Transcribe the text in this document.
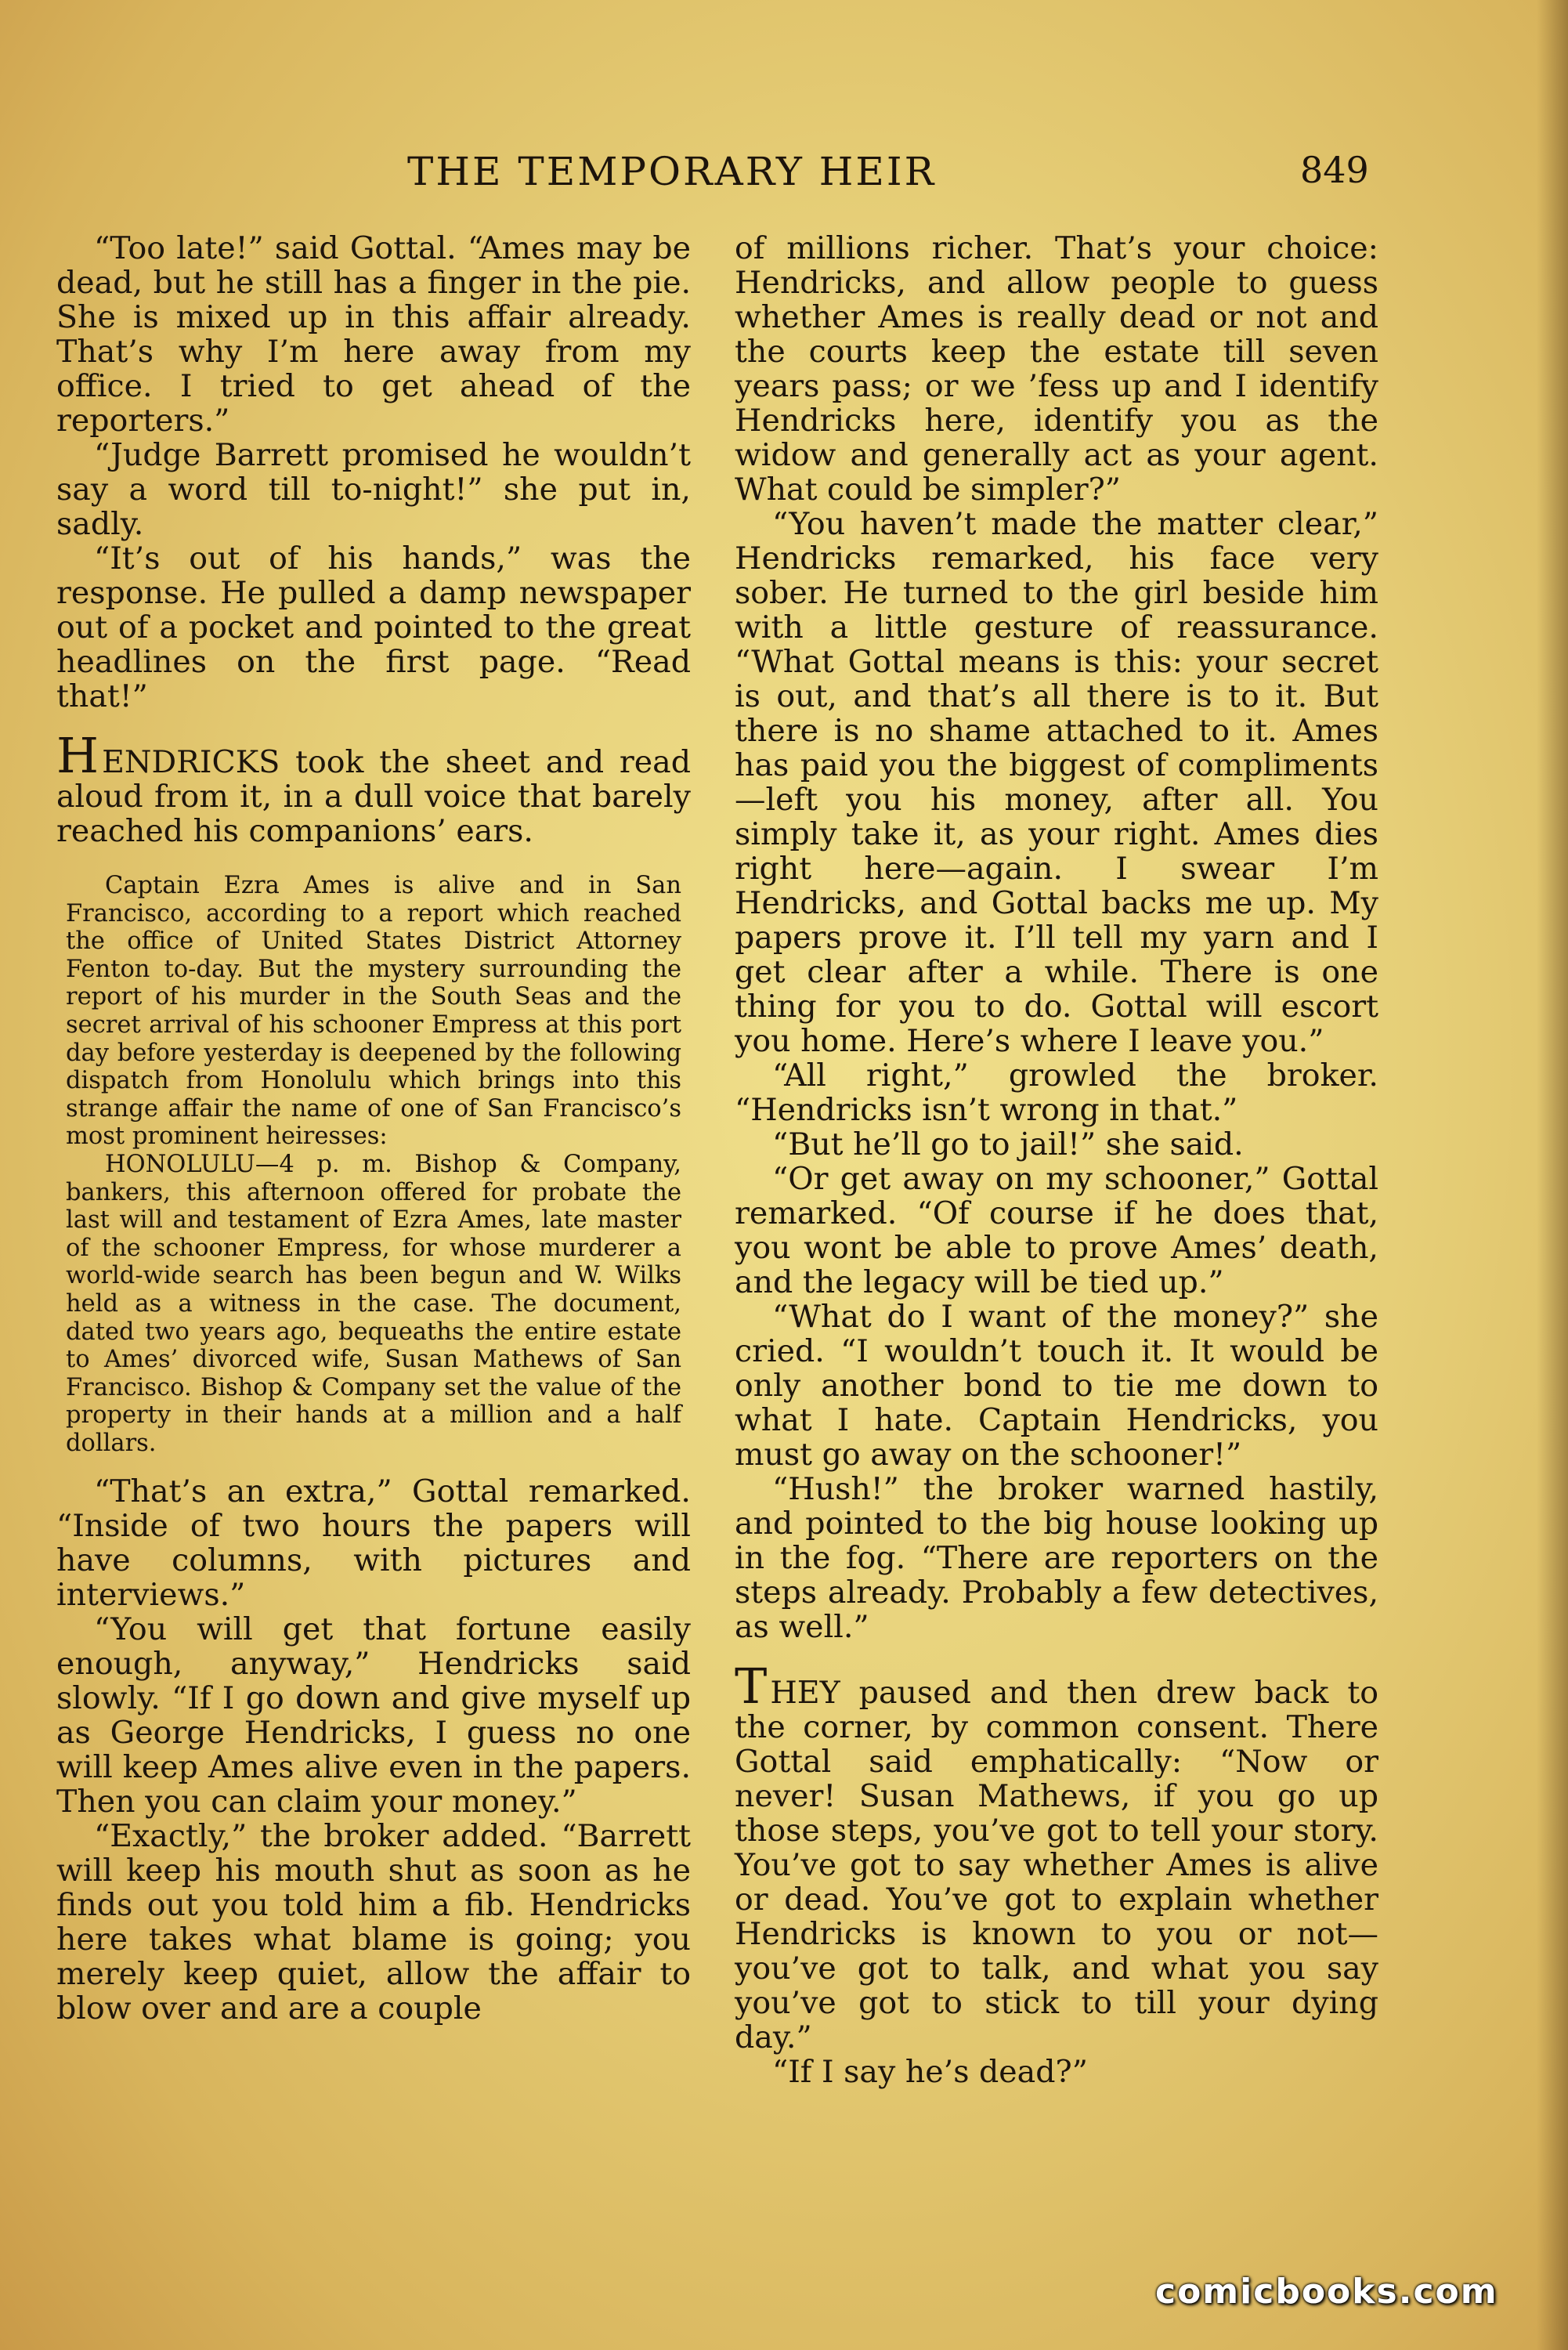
THE TEMPORARY HEIR	849

“Too late!” said Gottal. “Ames may be dead, but he still has a finger in the pie. She is mixed up in this affair already. That’s why I’m here away from my office. I tried to get ahead of the reporters.”

“Judge Barrett promised he wouldn’t say a word till to-night!” she put in, sadly.

“It’s out of his hands,” was the response. He pulled a damp newspaper out of a pocket and pointed to the great headlines on the first page. “Read that!”

HENDRICKS took the sheet and read aloud from it, in a dull voice that barely reached his companions’ ears.

Captain Ezra Ames is alive and in San Francisco, according to a report which reached the office of United States District Attorney Fenton to-day. But the mystery surrounding the report of his murder in the South Seas and the secret arrival of his schooner Empress at this port day before yesterday is deepened by the following dispatch from Honolulu which brings into this strange affair the name of one of San Francisco’s most prominent heiresses:

HONOLULU—4 p. m. Bishop & Company, bankers, this afternoon offered for probate the last will and testament of Ezra Ames, late master of the schooner Empress, for whose murderer a world-wide search has been begun and W. Wilks held as a witness in the case. The document, dated two years ago, bequeaths the entire estate to Ames’ divorced wife, Susan Mathews of San Francisco. Bishop & Company set the value of the property in their hands at a million and a half dollars.

“That’s an extra,” Gottal remarked. “Inside of two hours the papers will have columns, with pictures and interviews.”

“You will get that fortune easily enough, anyway,” Hendricks said slowly. “If I go down and give myself up as George Hendricks, I guess no one will keep Ames alive even in the papers. Then you can claim your money.”

“Exactly,” the broker added. “Barrett will keep his mouth shut as soon as he finds out you told him a fib. Hendricks here takes what blame is going; you merely keep quiet, allow the affair to blow over and are a couple

of millions richer. That’s your choice: Hendricks, and allow people to guess whether Ames is really dead or not and the courts keep the estate till seven years pass; or we ’fess up and I identify Hendricks here, identify you as the widow and generally act as your agent. What could be simpler?”

“You haven’t made the matter clear,” Hendricks remarked, his face very sober. He turned to the girl beside him with a little gesture of reassurance. “What Gottal means is this: your secret is out, and that’s all there is to it. But there is no shame attached to it. Ames has paid you the biggest of compliments—left you his money, after all. You simply take it, as your right. Ames dies right here—again. I swear I’m Hendricks, and Gottal backs me up. My papers prove it. I’ll tell my yarn and I get clear after a while. There is one thing for you to do. Gottal will escort you home. Here’s where I leave you.”

“All right,” growled the broker. “Hendricks isn’t wrong in that.”

“But he’ll go to jail!” she said.

“Or get away on my schooner,” Gottal remarked. “Of course if he does that, you wont be able to prove Ames’ death, and the legacy will be tied up.”

“What do I want of the money?” she cried. “I wouldn’t touch it. It would be only another bond to tie me down to what I hate. Captain Hendricks, you must go away on the schooner!”

“Hush!” the broker warned hastily, and pointed to the big house looking up in the fog. “There are reporters on the steps already. Probably a few detectives, as well.”

THEY paused and then drew back to the corner, by common consent. There Gottal said emphatically: “Now or never! Susan Mathews, if you go up those steps, you’ve got to tell your story. You’ve got to say whether Ames is alive or dead. You’ve got to explain whether Hendricks is known to you or not—you’ve got to talk, and what you say you’ve got to stick to till your dying day.”

“If I say he’s dead?”

comicbooks.com
